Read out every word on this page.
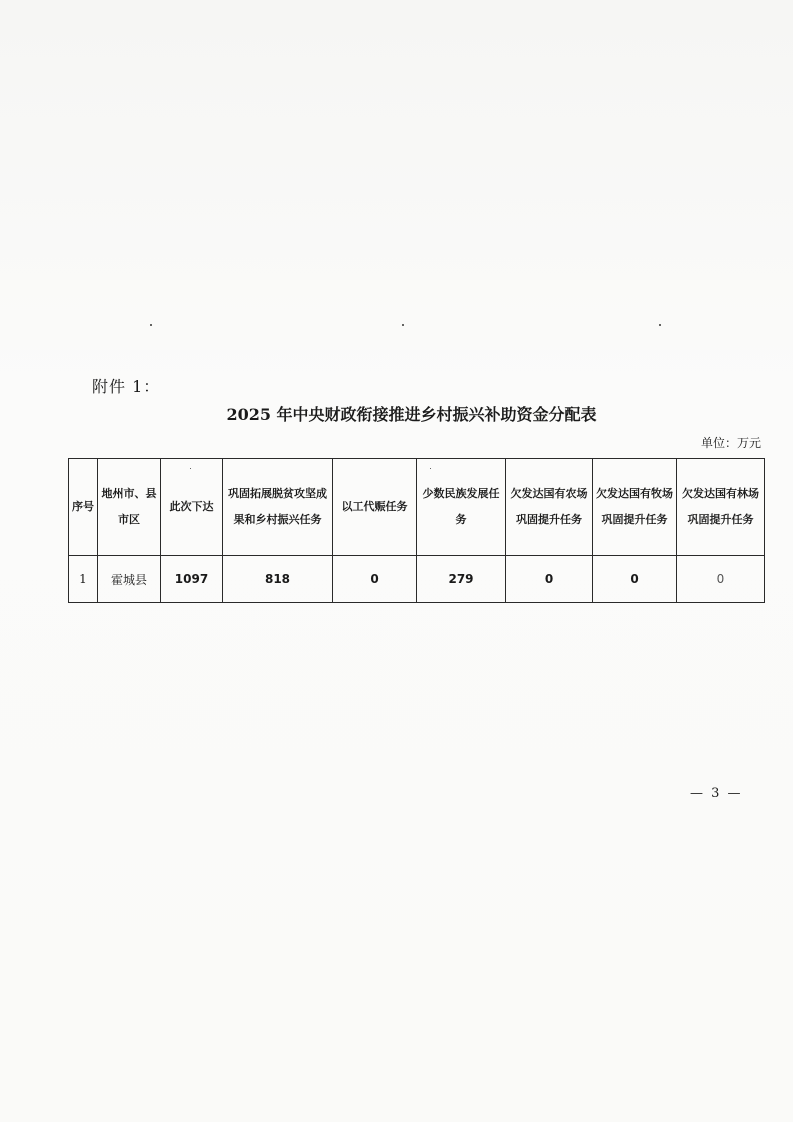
附件 1：
2025 年中央财政衔接推进乡村振兴补助资金分配表
单位：万元
序号	地州市、县市区	此次下达	巩固拓展脱贫攻坚成果和乡村振兴任务	以工代赈任务	少数民族发展任务	欠发达国有农场巩固提升任务	欠发达国有牧场巩固提升任务	欠发达国有林场巩固提升任务
1	霍城县	1097	818	0	279	0	0	0
— 3 —
